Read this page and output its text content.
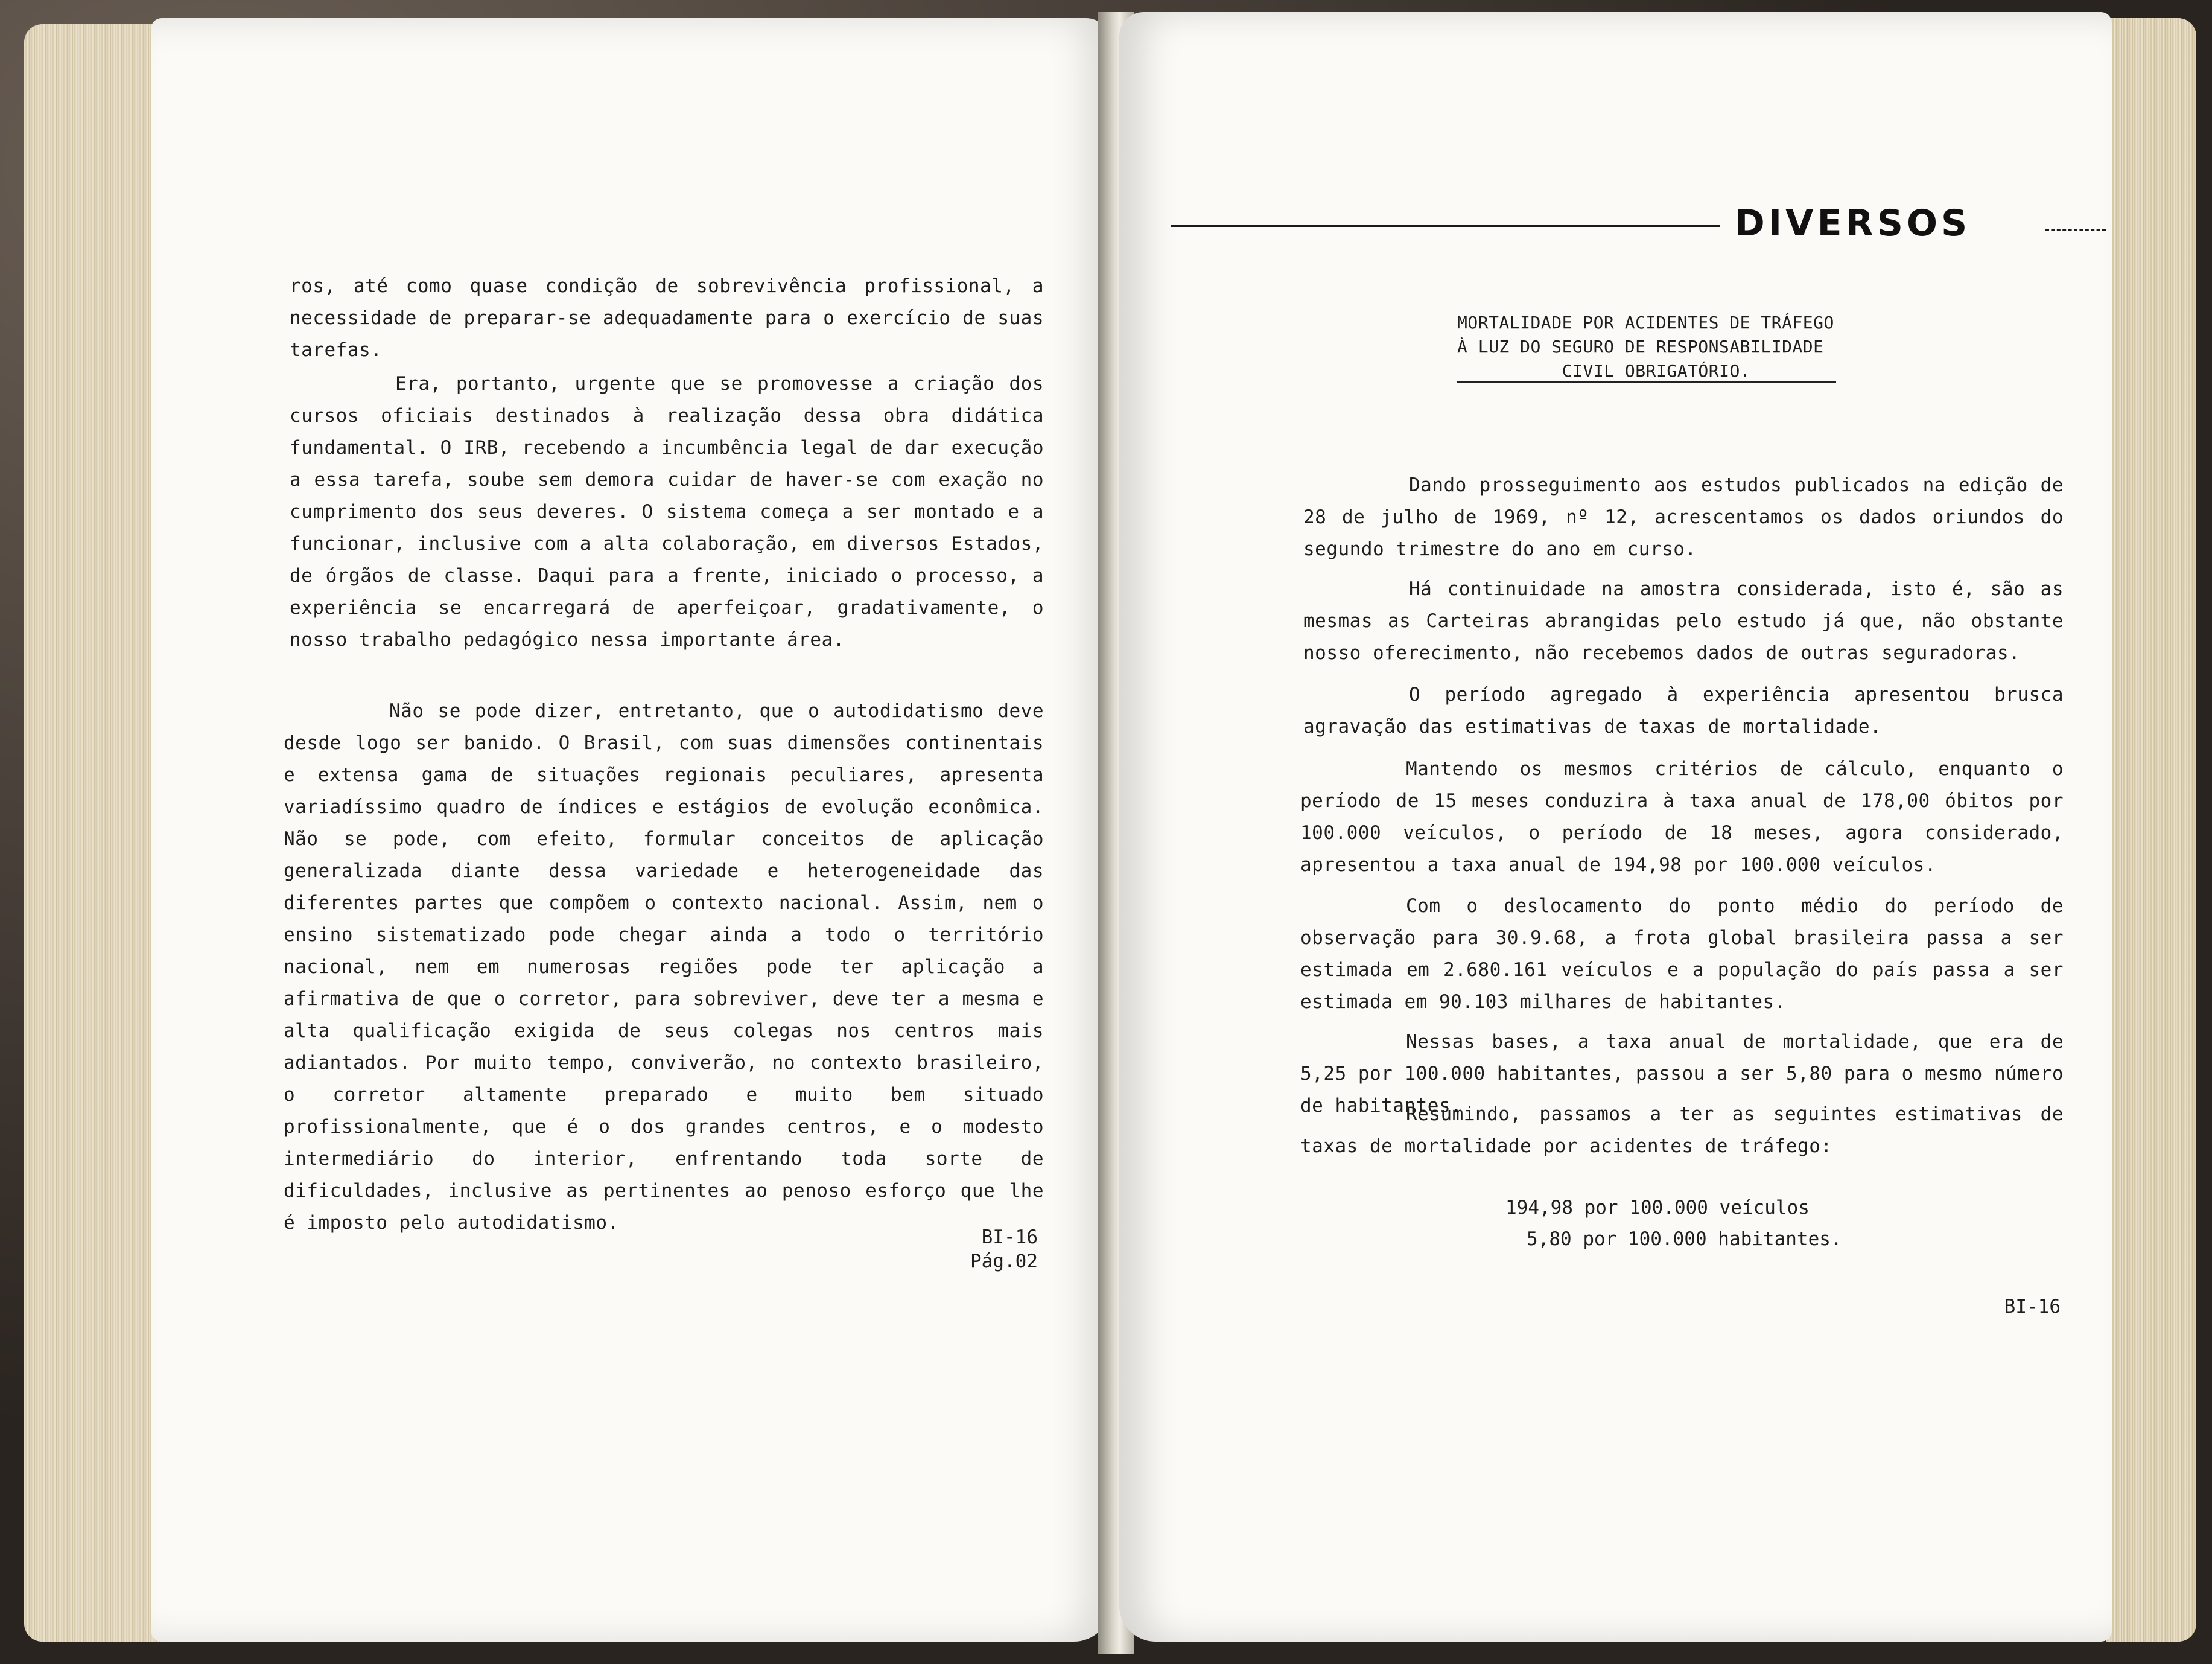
ros, até como quase condição de sobrevivência profissional, a necessidade de preparar-se adequadamente para o exercício de suas tarefas.

Era, portanto, urgente que se promovesse a criação dos cursos oficiais destinados à realização dessa obra didática fundamental. O IRB, recebendo a incumbência legal de dar execução a essa tarefa, soube sem demora cuidar de haver-se com exação no cumprimento dos seus deveres. O sistema começa a ser montado e a funcionar, inclusive com a alta colaboração, em diversos Estados, de órgãos de classe. Daqui para a frente, iniciado o processo, a experiência se encarregará de aperfeiçoar, gradativamente, o nosso trabalho pedagógico nessa importante área.

Não se pode dizer, entretanto, que o autodidatismo deve desde logo ser banido. O Brasil, com suas dimensões continentais e extensa gama de situações regionais peculiares, apresenta variadíssimo quadro de índices e estágios de evolução econômica. Não se pode, com efeito, formular conceitos de aplicação generalizada diante dessa variedade e heterogeneidade das diferentes partes que compõem o contexto nacional. Assim, nem o ensino sistematizado pode chegar ainda a todo o território nacional, nem em numerosas regiões pode ter aplicação a afirmativa de que o corretor, para sobreviver, deve ter a mesma e alta qualificação exigida de seus colegas nos centros mais adiantados. Por muito tempo, conviverão, no contexto brasileiro, o corretor altamente preparado e muito bem situado profissionalmente, que é o dos grandes centros, e o modesto intermediário do interior, enfrentando toda sorte de dificuldades, inclusive as pertinentes ao penoso esforço que lhe é imposto pelo autodidatismo.

BI-16
Pág.02
DIVERSOS
MORTALIDADE POR ACIDENTES DE TRÁFEGO
À LUZ DO SEGURO DE RESPONSABILIDADE
CIVIL OBRIGATÓRIO.

Dando prosseguimento aos estudos publicados na edição de 28 de julho de 1969, nº 12, acrescentamos os dados oriundos do segundo trimestre do ano em curso.

Há continuidade na amostra considerada, isto é, são as mesmas as Carteiras abrangidas pelo estudo já que, não obstante nosso oferecimento, não recebemos dados de outras seguradoras.

O período agregado à experiência apresentou brusca agravação das estimativas de taxas de mortalidade.

Mantendo os mesmos critérios de cálculo, enquanto o período de 15 meses conduzira à taxa anual de 178,00 óbitos por 100.000 veículos, o período de 18 meses, agora considerado, apresentou a taxa anual de 194,98 por 100.000 veículos.

Com o deslocamento do ponto médio do período de observação para 30.9.68, a frota global brasileira passa a ser estimada em 2.680.161 veículos e a população do país passa a ser estimada em 90.103 milhares de habitantes.

Nessas bases, a taxa anual de mortalidade, que era de 5,25 por 100.000 habitantes, passou a ser 5,80 para o mesmo número de habitantes.

Resumindo, passamos a ter as seguintes estimativas de taxas de mortalidade por acidentes de tráfego:

194,98 por 100.000 veículos
5,80 por 100.000 habitantes.
BI-16
